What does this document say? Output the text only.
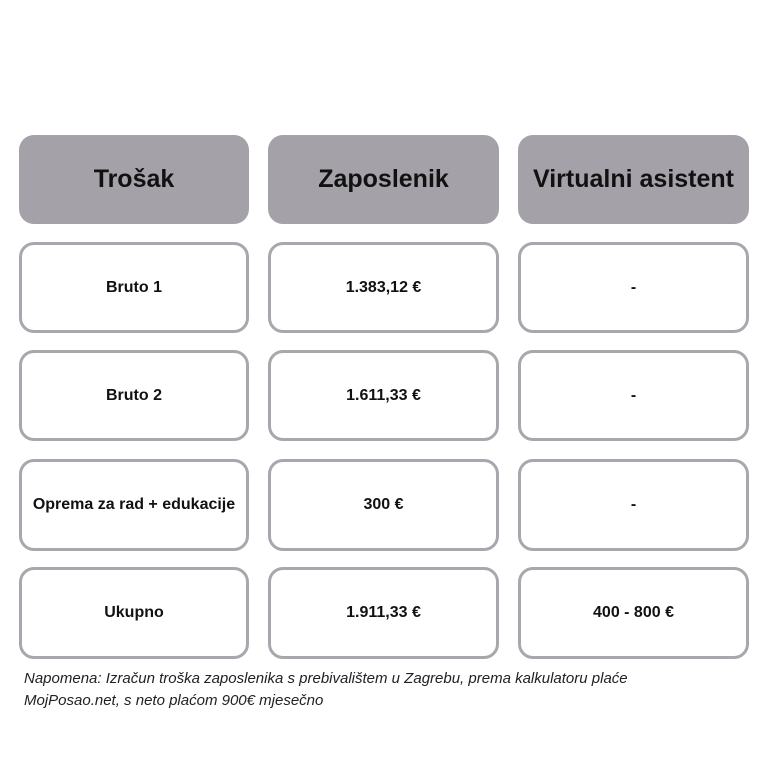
Trošak	Zaposlenik	Virtualni asistent
Bruto 1	1.383,12 €	-
Bruto 2	1.611,33 €	-
Oprema za rad + edukacije	300 €	-
Ukupno	1.911,33 €	400 - 800 €
Napomena: Izračun troška zaposlenika s prebivalištem u Zagrebu, prema kalkulatoru plaće
MojPosao.net, s neto plaćom 900€ mjesečno
